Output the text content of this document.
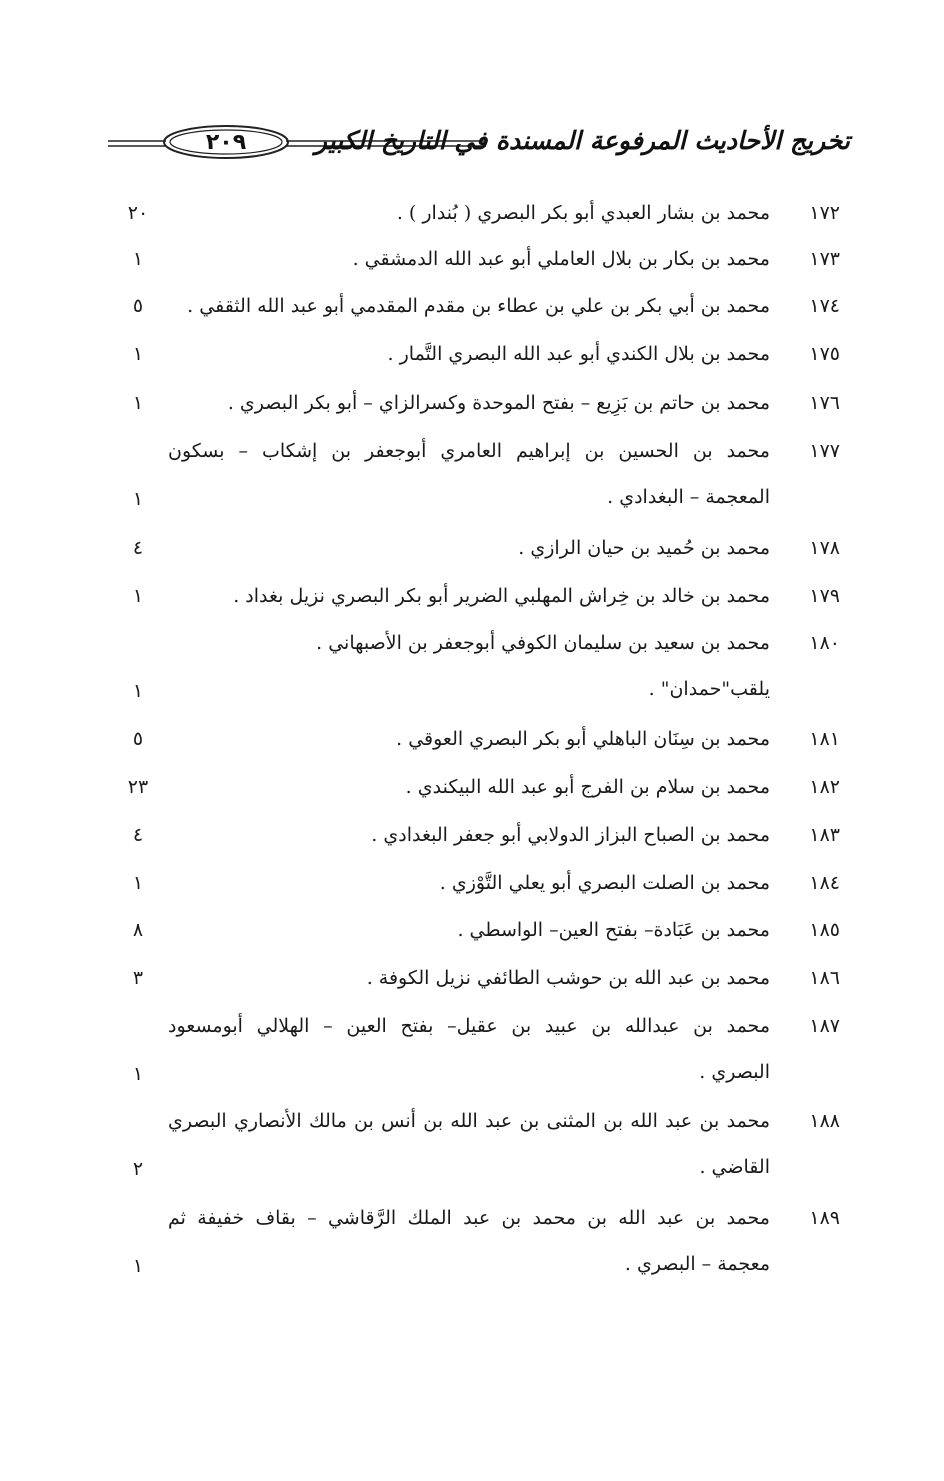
٢٠٩	تخريج الأحاديث المرفوعة المسندة في التاريخ الكبير
١٧٢
محمد بن بشار العبدي أبو بكر البصري ( بُندار ) .
٢٠
١٧٣
محمد بن بكار بن بلال العاملي أبو عبد الله الدمشقي .
١
١٧٤
محمد بن أبي بكر بن علي بن عطاء بن مقدم المقدمي أبو عبد الله الثقفي .
٥
١٧٥
محمد بن بلال الكندي أبو عبد الله البصري التَّمار .
١
١٧٦
محمد بن حاتم بن بَزِيع – بفتح الموحدة وكسرالزاي – أبو بكر البصري .
١
١٧٧
محمد بن الحسين بن إبراهيم العامري أبوجعفر بن إشكاب – بسكون
المعجمة – البغدادي .
١
١٧٨
محمد بن حُميد بن حيان الرازي .
٤
١٧٩
محمد بن خالد بن خِراش المهلبي الضرير أبو بكر البصري نزيل بغداد .
١
١٨٠
محمد بن سعيد بن سليمان الكوفي أبوجعفر بن الأصبهاني .
يلقب"حمدان" .
١
١٨١
محمد بن سِنَان الباهلي أبو بكر البصري العوقي .
٥
١٨٢
محمد بن سلام بن الفرج أبو عبد الله البيكندي .
٢٣
١٨٣
محمد بن الصباح البزاز الدولابي أبو جعفر البغدادي .
٤
١٨٤
محمد بن الصلت البصري أبو يعلي التَّوْزي .
١
١٨٥
محمد بن عَبَادة– بفتح العين– الواسطي .
٨
١٨٦
محمد بن عبد الله بن حوشب الطائفي نزيل الكوفة .
٣
١٨٧
محمد بن عبدالله بن عبيد بن عقيل– بفتح العين – الهلالي أبومسعود
البصري .
١
١٨٨
محمد بن عبد الله بن المثنى بن عبد الله بن أنس بن مالك الأنصاري البصري
القاضي .
٢
١٨٩
محمد بن عبد الله بن محمد بن عبد الملك الرَّقاشي – بقاف خفيفة ثم
معجمة – البصري .
١
